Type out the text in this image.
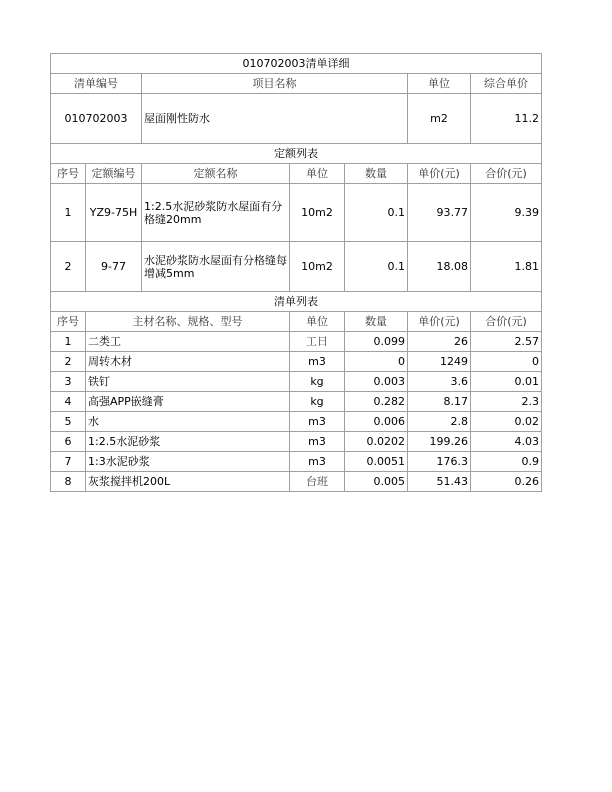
010702003清单详细						
清单编号		项目名称			单位	综合单价
010702003		屋面刚性防水			m2	11.2
定额列表						
序号	定额编号	定额名称	单位	数量	单价(元)	合价(元)
1	YZ9-75H	1:2.5水泥砂浆防水屋面有分格缝20mm	10m2	0.1	93.77	9.39
2	9-77	水泥砂浆防水屋面有分格缝每增减5mm	10m2	0.1	18.08	1.81
清单列表						
序号	主材名称、规格、型号		单位	数量	单价(元)	合价(元)
1	二类工		工日	0.099	26	2.57
2	周转木材		m3	0	1249	0
3	铁钉		kg	0.003	3.6	0.01
4	高强APP嵌缝膏		kg	0.282	8.17	2.3
5	水		m3	0.006	2.8	0.02
6	1:2.5水泥砂浆		m3	0.0202	199.26	4.03
7	1:3水泥砂浆		m3	0.0051	176.3	0.9
8	灰浆搅拌机200L		台班	0.005	51.43	0.26
